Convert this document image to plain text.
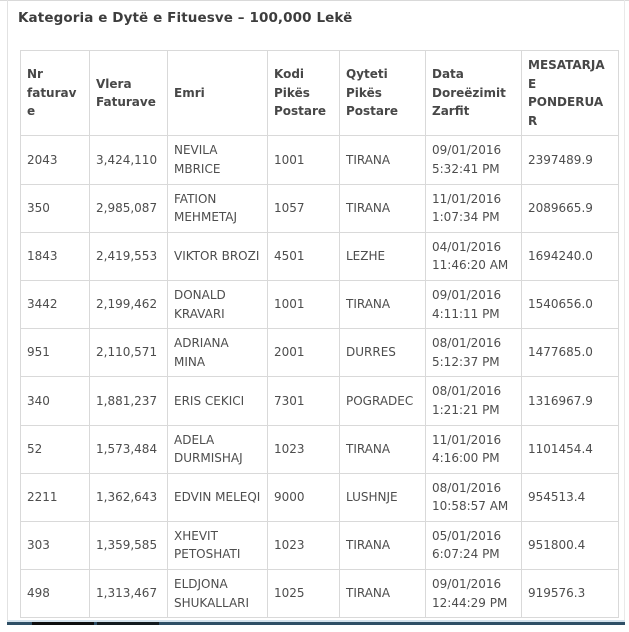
Kategoria e Dytë e Fituesve – 100,000 Lekë
Nr faturave	Vlera Faturave	Emri	Kodi Pikës Postare	Qyteti Pikës Postare	Data Doreëzimit Zarfit	MESATARJA E PONDERUAR
2043	3,424,110	NEVILA MBRICE	1001	TIRANA	09/01/2016 5:32:41 PM	2397489.9
350	2,985,087	FATION MEHMETAJ	1057	TIRANA	11/01/2016 1:07:34 PM	2089665.9
1843	2,419,553	VIKTOR BROZI	4501	LEZHE	04/01/2016 11:46:20 AM	1694240.0
3442	2,199,462	DONALD KRAVARI	1001	TIRANA	09/01/2016 4:11:11 PM	1540656.0
951	2,110,571	ADRIANA MINA	2001	DURRES	08/01/2016 5:12:37 PM	1477685.0
340	1,881,237	ERIS CEKICI	7301	POGRADEC	08/01/2016 1:21:21 PM	1316967.9
52	1,573,484	ADELA DURMISHAJ	1023	TIRANA	11/01/2016 4:16:00 PM	1101454.4
2211	1,362,643	EDVIN MELEQI	9000	LUSHNJE	08/01/2016 10:58:57 AM	954513.4
303	1,359,585	XHEVIT PETOSHATI	1023	TIRANA	05/01/2016 6:07:24 PM	951800.4
498	1,313,467	ELDJONA SHUKALLARI	1025	TIRANA	09/01/2016 12:44:29 PM	919576.3
